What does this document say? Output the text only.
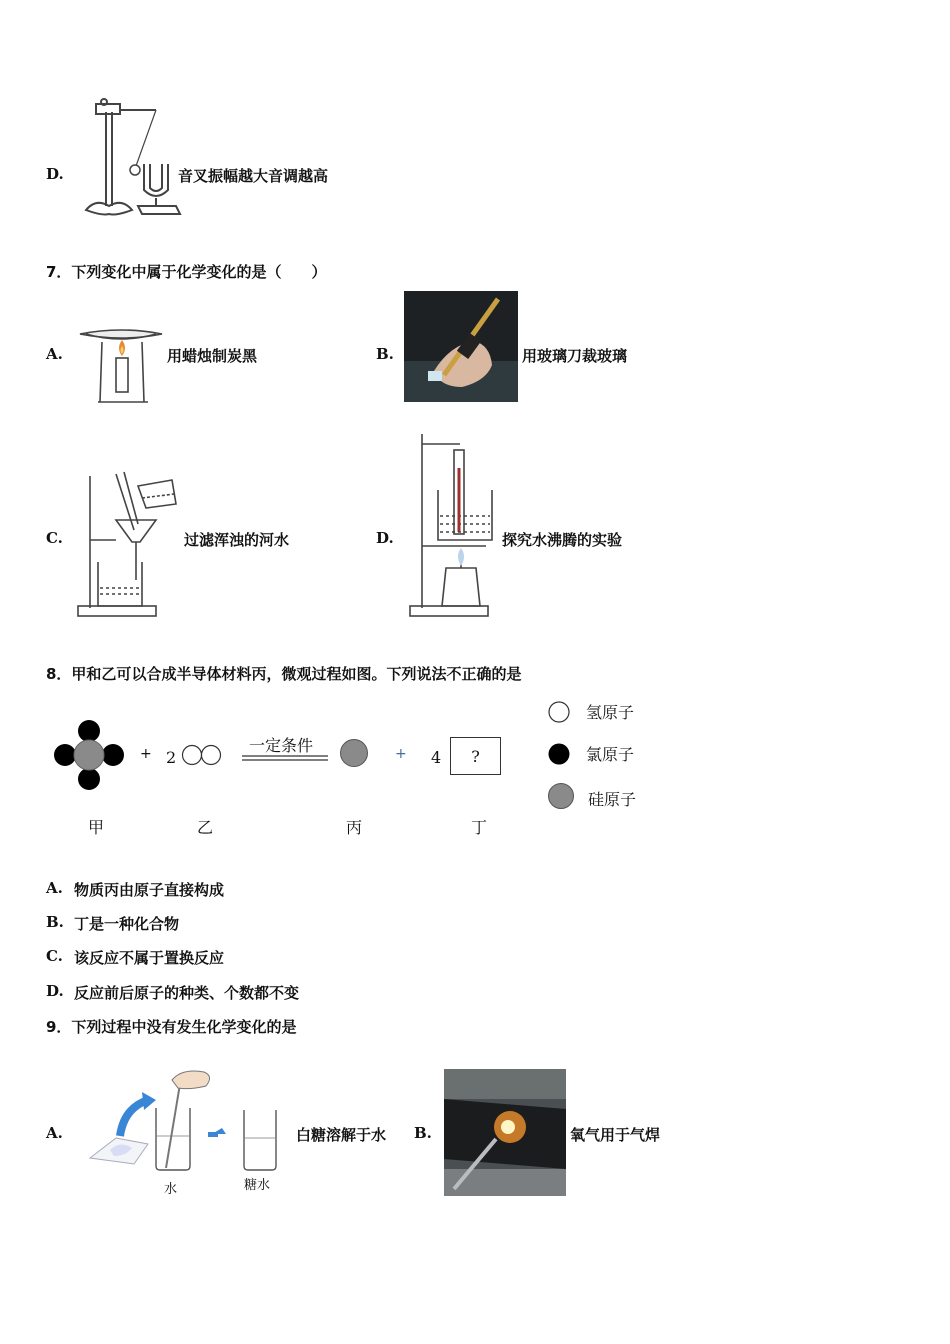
D.	音叉振幅越大音调越高
7．下列变化中属于化学变化的是（　　）
A.	用蜡烛制炭黑	B.	用玻璃刀裁玻璃
C.	过滤浑浊的河水	D.	探究水沸腾的实验
8．甲和乙可以合成半导体材料丙，微观过程如图。下列说法不正确的是
+ 2
一定条件	+ 4	?
甲	乙	丙	丁
氢原子
氯原子
硅原子
A. 物质丙由原子直接构成
B. 丁是一种化合物
C. 该反应不属于置换反应
D. 反应前后原子的种类、个数都不变
9．下列过程中没有发生化学变化的是
A.
水	糖水
白糖溶解于水 B.	氧气用于气焊
